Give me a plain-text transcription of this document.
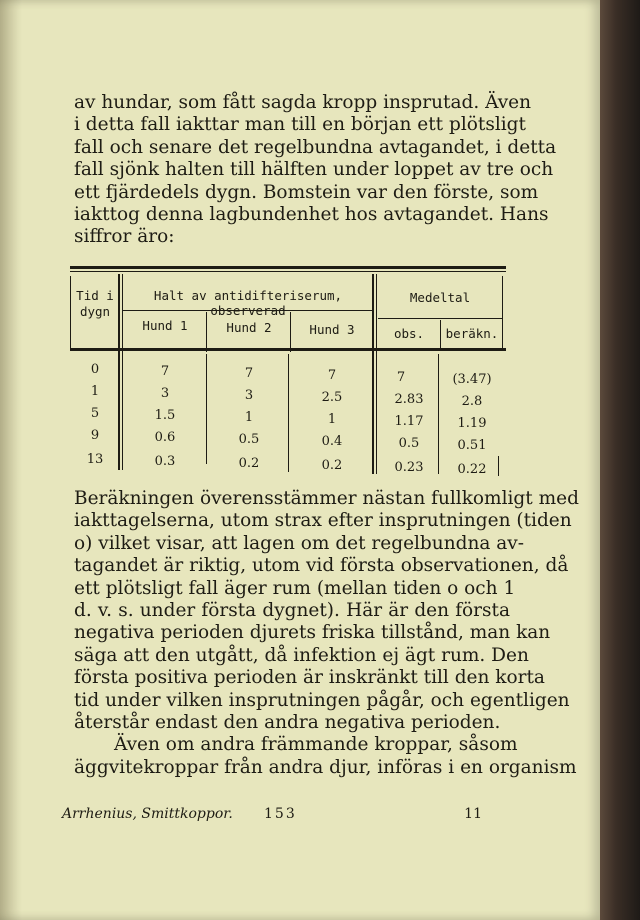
av hundar, som fått sagda kropp insprutad. Även
i detta fall iakttar man till en början ett plötsligt
fall och senare det regelbundna avtagandet, i detta
fall sjönk halten till hälften under loppet av tre och
ett fjärdedels dygn. Bomstein var den förste, som
iakttog denna lagbundenhet hos avtagandet. Hans
siffror äro:
Tid i dygn
Halt av antidifteriserum, observerad
Medeltal
Hund 1	Hund 2	Hund 3	obs.	beräkn.
0	7	7	7	7	(3.47)
1	3	3	2.5	2.83	2.8
5	1.5	1	1	1.17	1.19
9	0.6	0.5	0.4	0.5	0.51
13	0.3	0.2	0.2	0.23	0.22
Beräkningen överensstämmer nästan fullkomligt med
iakttagelserna, utom strax efter insprutningen (tiden
o) vilket visar, att lagen om det regelbundna av-
tagandet är riktig, utom vid första observationen, då
ett plötsligt fall äger rum (mellan tiden o och 1
d. v. s. under första dygnet). Här är den första
negativa perioden djurets friska tillstånd, man kan
säga att den utgått, då infektion ej ägt rum. Den
första positiva perioden är inskränkt till den korta
tid under vilken insprutningen pågår, och egentligen
återstår endast den andra negativa perioden.
Även om andra främmande kroppar, såsom
äggvitekroppar från andra djur, införas i en organism
Arrhenius, Smittkoppor. 153	11
